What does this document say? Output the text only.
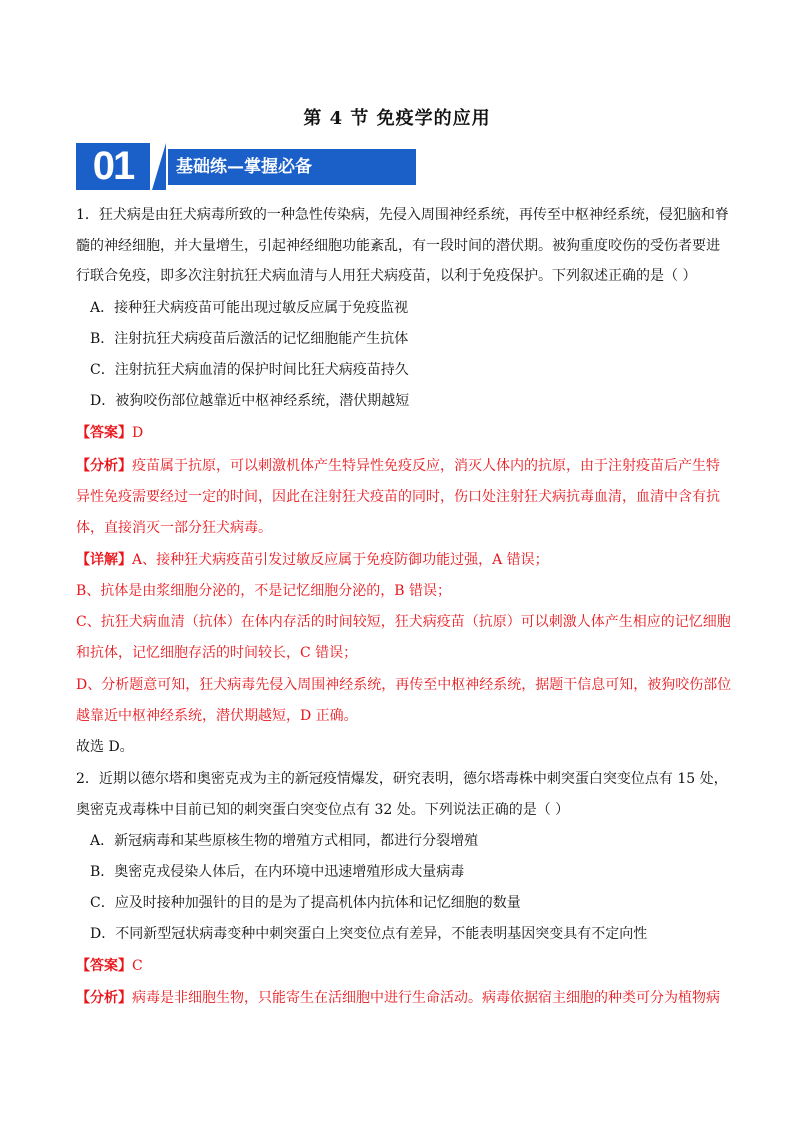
第 4 节 免疫学的应用
01	基础练—掌握必备
1．狂犬病是由狂犬病毒所致的一种急性传染病，先侵入周围神经系统，再传至中枢神经系统，侵犯脑和脊
髓的神经细胞，并大量增生，引起神经细胞功能紊乱，有一段时间的潜伏期。被狗重度咬伤的受伤者要进
行联合免疫，即多次注射抗狂犬病血清与人用狂犬病疫苗，以利于免疫保护。下列叙述正确的是（ ）
A．接种狂犬病疫苗可能出现过敏反应属于免疫监视
B．注射抗狂犬病疫苗后激活的记忆细胞能产生抗体
C．注射抗狂犬病血清的保护时间比狂犬病疫苗持久
D．被狗咬伤部位越靠近中枢神经系统，潜伏期越短
【答案】D
【分析】疫苗属于抗原，可以刺激机体产生特异性免疫反应，消灭人体内的抗原，由于注射疫苗后产生特
异性免疫需要经过一定的时间，因此在注射狂犬疫苗的同时，伤口处注射狂犬病抗毒血清，血清中含有抗
体，直接消灭一部分狂犬病毒。
【详解】A、接种狂犬病疫苗引发过敏反应属于免疫防御功能过强，A 错误；
B、抗体是由浆细胞分泌的，不是记忆细胞分泌的，B 错误；
C、抗狂犬病血清（抗体）在体内存活的时间较短，狂犬病疫苗（抗原）可以刺激人体产生相应的记忆细胞
和抗体，记忆细胞存活的时间较长，C 错误；
D、分析题意可知，狂犬病毒先侵入周围神经系统，再传至中枢神经系统，据题干信息可知，被狗咬伤部位
越靠近中枢神经系统，潜伏期越短，D 正确。
故选 D。
2．近期以德尔塔和奥密克戎为主的新冠疫情爆发，研究表明，德尔塔毒株中刺突蛋白突变位点有 15 处，
奥密克戎毒株中目前已知的刺突蛋白突变位点有 32 处。下列说法正确的是（ ）
A．新冠病毒和某些原核生物的增殖方式相同，都进行分裂增殖
B．奥密克戎侵染人体后，在内环境中迅速增殖形成大量病毒
C．应及时接种加强针的目的是为了提高机体内抗体和记忆细胞的数量
D．不同新型冠状病毒变种中刺突蛋白上突变位点有差异，不能表明基因突变具有不定向性
【答案】C
【分析】病毒是非细胞生物，只能寄生在活细胞中进行生命活动。病毒依据宿主细胞的种类可分为植物病
